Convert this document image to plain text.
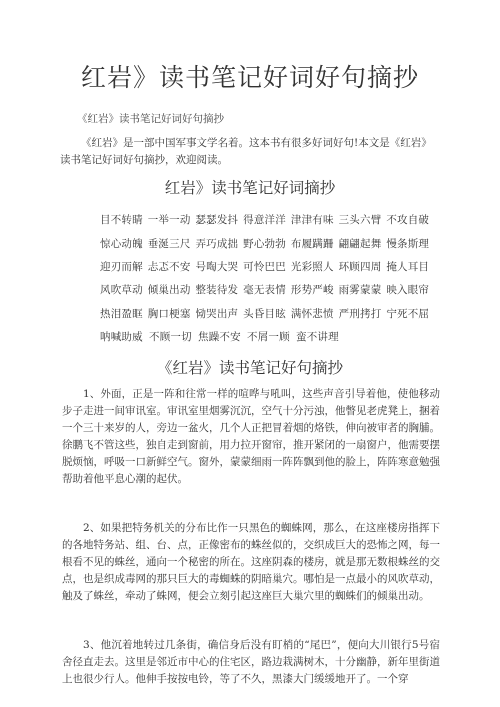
红岩》读书笔记好词好句摘抄
《红岩》读书笔记好词好句摘抄
《红岩》是一部中国军事文学名着。这本书有很多好词好句!本文是《红岩》读书笔记好词好句摘抄，欢迎阅读。
红岩》读书笔记好词摘抄
目不转睛 一举一动 瑟瑟发抖 得意洋洋 津津有味 三头六臂 不攻自破
惊心动魄 垂涎三尺 弄巧成拙 野心勃勃 布履蹒跚 翩翩起舞 慢条斯理
迎刃而解 忐忑不安 号啕大哭 可怜巴巴 光彩照人 环顾四周 掩人耳目
风吹草动 倾巢出动 整装待发 毫无表情 形势严峻 雨雾蒙蒙 映入眼帘
热泪盈眶 胸口梗塞 恸哭出声 头昏目眩 满怀悲愤 严刑拷打 宁死不屈
呐喊助威 不顾一切 焦躁不安 不屑一顾 蛮不讲理
《红岩》读书笔记好句摘抄
1、外面，正是一阵和往常一样的喧哗与吼叫，这些声音引导着他，使他移动步子走进一间审讯室。审讯室里烟雾沉沉，空气十分污浊，他瞥见老虎凳上，捆着一个三十来岁的人，旁边一盆火，几个人正把冒着烟的烙铁，伸向被审者的胸脯。徐鹏飞不管这些，独自走到窗前，用力拉开窗帘，推开紧闭的一扇窗户，他需要摆脱烦恼，呼吸一口新鲜空气。窗外，蒙蒙细雨一阵阵飘到他的脸上，阵阵寒意勉强帮助着他平息心潮的起伏。
2、如果把特务机关的分布比作一只黑色的蜘蛛网，那么，在这座楼房指挥下的各地特务站、组、台、点，正像密布的蛛丝似的，交织成巨大的恐怖之网，每一根看不见的蛛丝，通向一个秘密的所在。这座阴森的楼房，就是那无数根蛛丝的交点，也是织成毒网的那只巨大的毒蜘蛛的阴暗巢穴。哪怕是一点最小的风吹草动，触及了蛛丝，牵动了蛛网，便会立刻引起这座巨大巢穴里的蜘蛛们的倾巢出动。
3、他沉着地转过几条街，确信身后没有盯梢的“尾巴”，便向大川银行5号宿舍径直走去。这里是邻近市中心的住宅区，路边栽满树木，十分幽静，新年里街道上也很少行人。他伸手按按电铃，等了不久，黑漆大门缓缓地开了。一个穿
